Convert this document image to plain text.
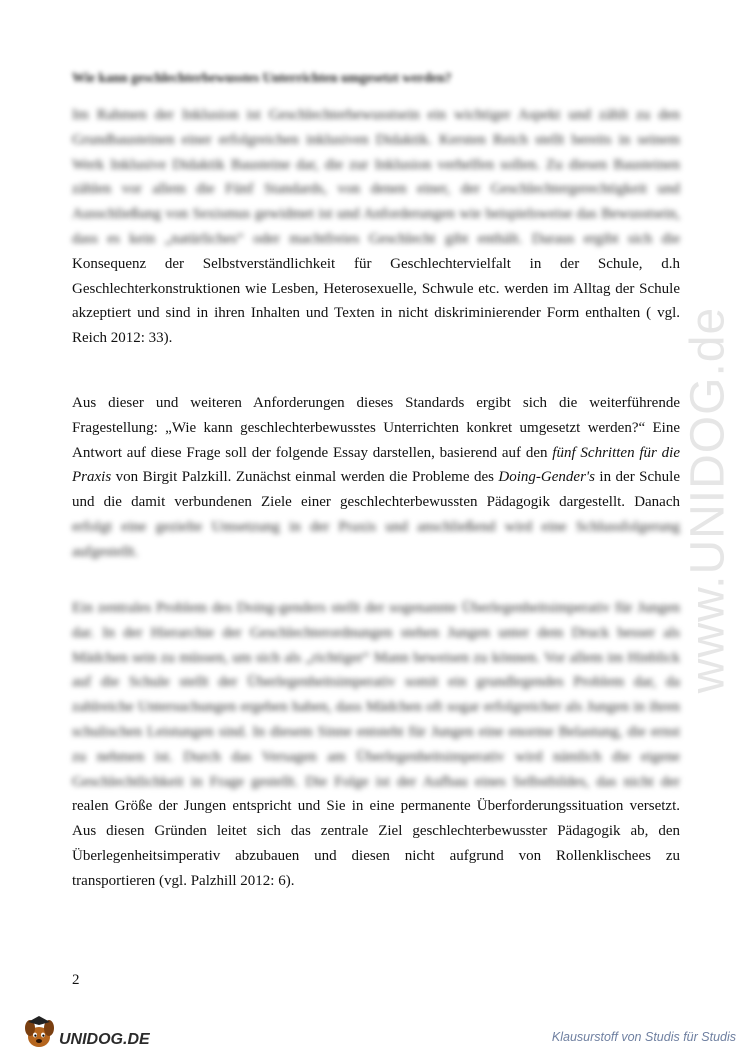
Wie kann geschlechterbewusstes Unterrichten umgesetzt werden?

Im Rahmen der Inklusion ist Geschlechterbewusstsein ein wichtiger Aspekt und zählt zu den
Grundbausteinen einer erfolgreichen inklusiven Didaktik. Kersten Reich stellt bereits in seinem
Werk Inklusive Didaktik Bausteine dar, die zur Inklusion verhelfen sollen. Zu diesen Bausteinen
zählen vor allem die Fünf Standards, von denen einer, der Geschlechtergerechtigkeit und
Ausschließung von Sexismus gewidmet ist und Anforderungen wie beispielsweise das Bewusstsein,
dass es kein „natürliches“ oder machtfreies Geschlecht gibt enthält. Daraus ergibt sich die

Konsequenz der Selbstverständlichkeit für Geschlechtervielfalt in der Schule, d.h
Geschlechterkonstruktionen wie Lesben, Heterosexuelle, Schwule etc. werden im Alltag der Schule
akzeptiert und sind in ihren Inhalten und Texten in nicht diskriminierender Form enthalten ( vgl.
Reich 2012: 33).

Aus dieser und weiteren Anforderungen dieses Standards ergibt sich die weiterführende
Fragestellung: „Wie kann geschlechterbewusstes Unterrichten konkret umgesetzt werden?“ Eine
Antwort auf diese Frage soll der folgende Essay darstellen, basierend auf den fünf Schritten für die
Praxis von Birgit Palzkill. Zunächst einmal werden die Probleme des Doing-Gender's in der Schule
und die damit verbundenen Ziele einer geschlechterbewussten Pädagogik dargestellt. Danach

erfolgt eine gezielte Umsetzung in der Praxis und anschließend wird eine Schlussfolgerung
aufgestellt.

Ein zentrales Problem des Doing-genders stellt der sogenannte Überlegenheitsimperativ für Jungen
dar. In der Hierarchie der Geschlechterordnungen stehen Jungen unter dem Druck besser als
Mädchen sein zu müssen, um sich als „richtiger“ Mann beweisen zu können. Vor allem im Hinblick
auf die Schule stellt der Überlegenheitsimperativ somit ein grundlegendes Problem dar, da
zahlreiche Untersuchungen ergeben haben, dass Mädchen oft sogar erfolgreicher als Jungen in ihren
schulischen Leistungen sind. In diesem Sinne entsteht für Jungen eine enorme Belastung, die ernst
zu nehmen ist. Durch das Versagen am Überlegenheitsimperativ wird nämlich die eigene
Geschlechtlichkeit in Frage gestellt. Die Folge ist der Aufbau eines Selbstbildes, das nicht der

realen Größe der Jungen entspricht und Sie in eine permanente Überforderungssituation versetzt.
Aus diesen Gründen leitet sich das zentrale Ziel geschlechterbewusster Pädagogik ab, den
Überlegenheitsimperativ abzubauen und diesen nicht aufgrund von Rollenklischees zu
transportieren (vgl. Palzhill 2012: 6).

www.UNIDOG.de
2
UNIDOG.DE	Klausurstoff von Studis für Studis
